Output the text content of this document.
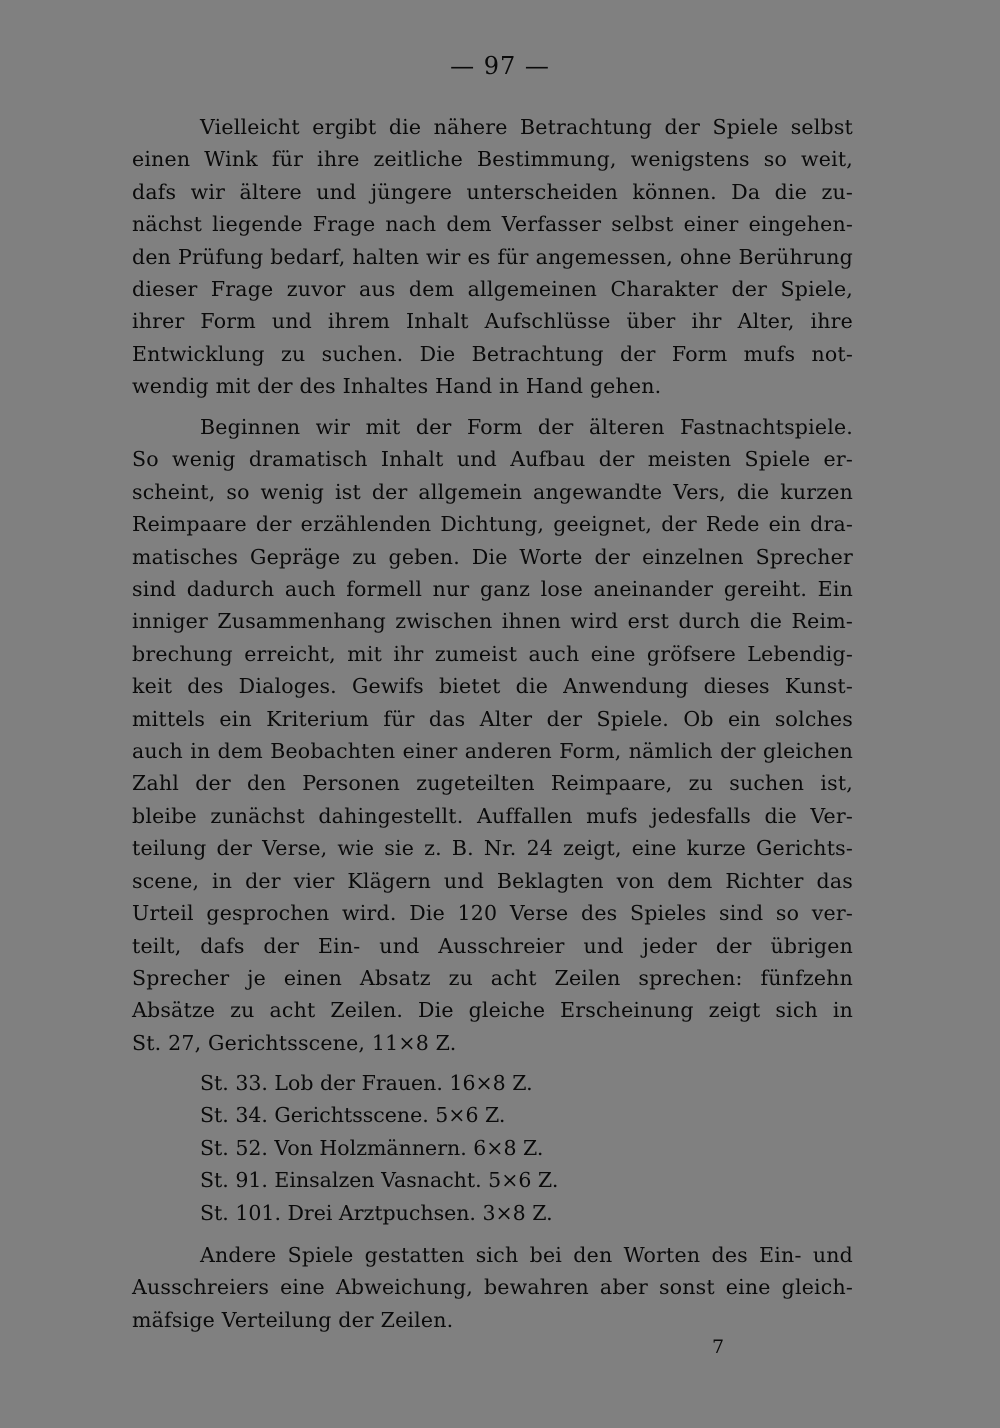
— 97 —
Vielleicht ergibt die nähere Betrachtung der Spiele selbst
einen Wink für ihre zeitliche Bestimmung, wenigstens so weit,
dafs wir ältere und jüngere unterscheiden können. Da die zu-
nächst liegende Frage nach dem Verfasser selbst einer eingehen-
den Prüfung bedarf, halten wir es für angemessen, ohne Berührung
dieser Frage zuvor aus dem allgemeinen Charakter der Spiele,
ihrer Form und ihrem Inhalt Aufschlüsse über ihr Alter, ihre
Entwicklung zu suchen. Die Betrachtung der Form mufs not-
wendig mit der des Inhaltes Hand in Hand gehen.
Beginnen wir mit der Form der älteren Fastnachtspiele.
So wenig dramatisch Inhalt und Aufbau der meisten Spiele er-
scheint, so wenig ist der allgemein angewandte Vers, die kurzen
Reimpaare der erzählenden Dichtung, geeignet, der Rede ein dra-
matisches Gepräge zu geben. Die Worte der einzelnen Sprecher
sind dadurch auch formell nur ganz lose aneinander gereiht. Ein
inniger Zusammenhang zwischen ihnen wird erst durch die Reim-
brechung erreicht, mit ihr zumeist auch eine gröfsere Lebendig-
keit des Dialoges. Gewifs bietet die Anwendung dieses Kunst-
mittels ein Kriterium für das Alter der Spiele. Ob ein solches
auch in dem Beobachten einer anderen Form, nämlich der gleichen
Zahl der den Personen zugeteilten Reimpaare, zu suchen ist,
bleibe zunächst dahingestellt. Auffallen mufs jedesfalls die Ver-
teilung der Verse, wie sie z. B. Nr. 24 zeigt, eine kurze Gerichts-
scene, in der vier Klägern und Beklagten von dem Richter das
Urteil gesprochen wird. Die 120 Verse des Spieles sind so ver-
teilt, dafs der Ein- und Ausschreier und jeder der übrigen
Sprecher je einen Absatz zu acht Zeilen sprechen: fünfzehn
Absätze zu acht Zeilen. Die gleiche Erscheinung zeigt sich in
St. 27, Gerichtsscene, 11×8 Z.
St. 33. Lob der Frauen. 16×8 Z.
St. 34. Gerichtsscene. 5×6 Z.
St. 52. Von Holzmännern. 6×8 Z.
St. 91. Einsalzen Vasnacht. 5×6 Z.
St. 101. Drei Arztpuchsen. 3×8 Z.
Andere Spiele gestatten sich bei den Worten des Ein- und
Ausschreiers eine Abweichung, bewahren aber sonst eine gleich-
mäfsige Verteilung der Zeilen.
7
